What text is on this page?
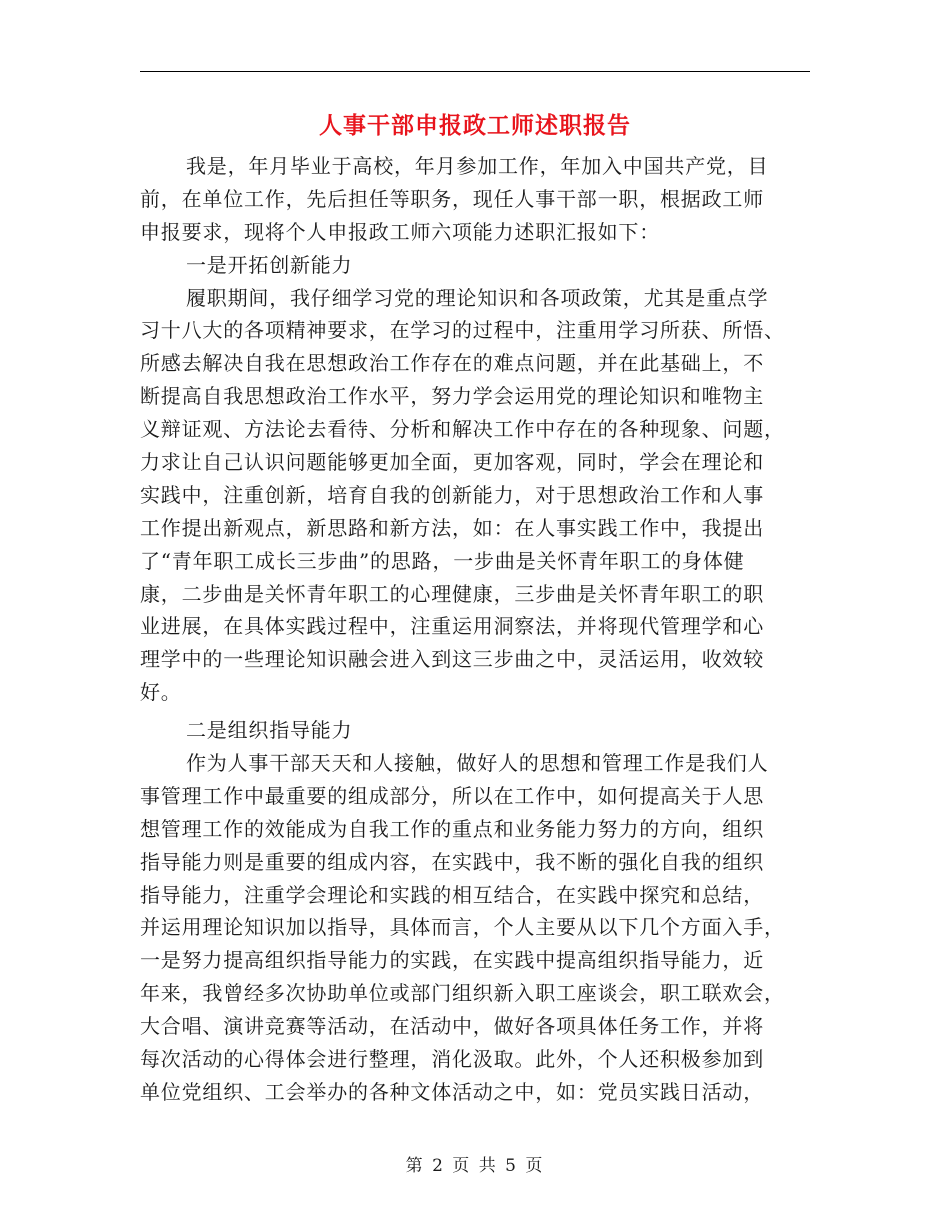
人事干部申报政工师述职报告
我是，年月毕业于高校，年月参加工作，年加入中国共产党，目
前，在单位工作，先后担任等职务，现任人事干部一职，根据政工师
申报要求，现将个人申报政工师六项能力述职汇报如下：
一是开拓创新能力
履职期间，我仔细学习党的理论知识和各项政策，尤其是重点学
习十八大的各项精神要求，在学习的过程中，注重用学习所获、所悟、
所感去解决自我在思想政治工作存在的难点问题，并在此基础上，不
断提高自我思想政治工作水平，努力学会运用党的理论知识和唯物主
义辩证观、方法论去看待、分析和解决工作中存在的各种现象、问题，
力求让自己认识问题能够更加全面，更加客观，同时，学会在理论和
实践中，注重创新，培育自我的创新能力，对于思想政治工作和人事
工作提出新观点，新思路和新方法，如：在人事实践工作中，我提出
了“青年职工成长三步曲”的思路，一步曲是关怀青年职工的身体健
康，二步曲是关怀青年职工的心理健康，三步曲是关怀青年职工的职
业进展，在具体实践过程中，注重运用洞察法，并将现代管理学和心
理学中的一些理论知识融会进入到这三步曲之中，灵活运用，收效较
好。
二是组织指导能力
作为人事干部天天和人接触，做好人的思想和管理工作是我们人
事管理工作中最重要的组成部分，所以在工作中，如何提高关于人思
想管理工作的效能成为自我工作的重点和业务能力努力的方向，组织
指导能力则是重要的组成内容，在实践中，我不断的强化自我的组织
指导能力，注重学会理论和实践的相互结合，在实践中探究和总结，
并运用理论知识加以指导，具体而言，个人主要从以下几个方面入手，
一是努力提高组织指导能力的实践，在实践中提高组织指导能力，近
年来，我曾经多次协助单位或部门组织新入职工座谈会，职工联欢会，
大合唱、演讲竞赛等活动，在活动中，做好各项具体任务工作，并将
每次活动的心得体会进行整理，消化汲取。此外，个人还积极参加到
单位党组织、工会举办的各种文体活动之中，如：党员实践日活动，
第 2 页 共 5 页
